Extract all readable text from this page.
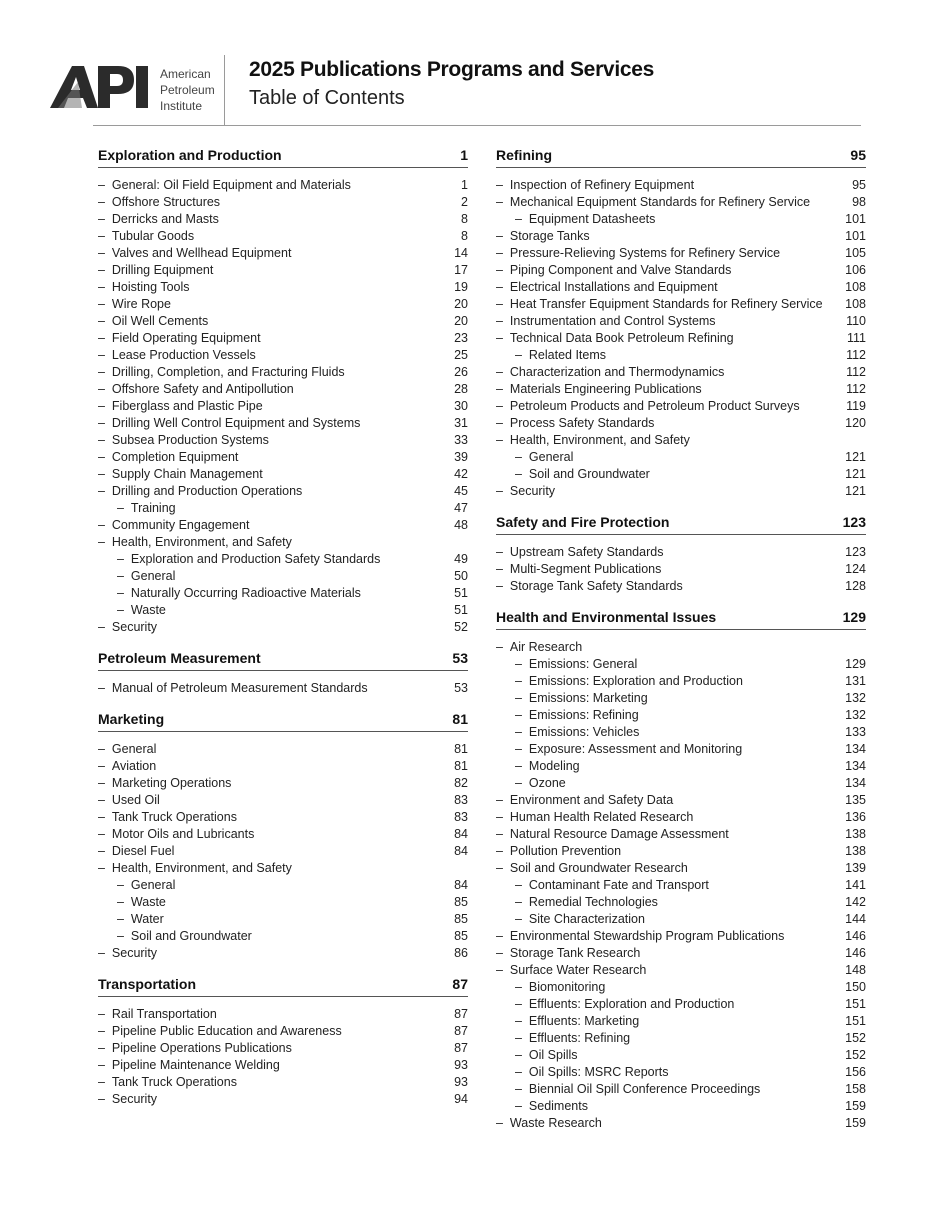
American
Petroleum
Institute
2025 Publications Programs and Services
Table of Contents
Exploration and Production	1
–  General: Oil Field Equipment and Materials	1
–  Offshore Structures	2
–  Derricks and Masts	8
–  Tubular Goods	8
–  Valves and Wellhead Equipment	14
–  Drilling Equipment	17
–  Hoisting Tools	19
–  Wire Rope	20
–  Oil Well Cements	20
–  Field Operating Equipment	23
–  Lease Production Vessels	25
–  Drilling, Completion, and Fracturing Fluids	26
–  Offshore Safety and Antipollution	28
–  Fiberglass and Plastic Pipe	30
–  Drilling Well Control Equipment and Systems	31
–  Subsea Production Systems	33
–  Completion Equipment	39
–  Supply Chain Management	42
–  Drilling and Production Operations	45
–  Training	47
–  Community Engagement	48
–  Health, Environment, and Safety
–  Exploration and Production Safety Standards	49
–  General	50
–  Naturally Occurring Radioactive Materials	51
–  Waste	51
–  Security	52
Petroleum Measurement	53
–  Manual of Petroleum Measurement Standards	53
Marketing	81
–  General	81
–  Aviation	81
–  Marketing Operations	82
–  Used Oil	83
–  Tank Truck Operations	83
–  Motor Oils and Lubricants	84
–  Diesel Fuel	84
–  Health, Environment, and Safety
–  General	84
–  Waste	85
–  Water	85
–  Soil and Groundwater	85
–  Security	86
Transportation	87
–  Rail Transportation	87
–  Pipeline Public Education and Awareness	87
–  Pipeline Operations Publications	87
–  Pipeline Maintenance Welding	93
–  Tank Truck Operations	93
–  Security	94
Refining	95
–  Inspection of Refinery Equipment	95
–  Mechanical Equipment Standards for Refinery Service	98
–  Equipment Datasheets	101
–  Storage Tanks	101
–  Pressure-Relieving Systems for Refinery Service	105
–  Piping Component and Valve Standards	106
–  Electrical Installations and Equipment	108
–  Heat Transfer Equipment Standards for Refinery Service 108
–  Instrumentation and Control Systems	110
–  Technical Data Book Petroleum Refining	111
–  Related Items	112
–  Characterization and Thermodynamics	112
–  Materials Engineering Publications	112
–  Petroleum Products and Petroleum Product Surveys	119
–  Process Safety Standards	120
–  Health, Environment, and Safety
–  General	121
–  Soil and Groundwater	121
–  Security	121
Safety and Fire Protection	123
–  Upstream Safety Standards	123
–  Multi-Segment Publications	124
–  Storage Tank Safety Standards	128
Health and Environmental Issues	129
–  Air Research
–  Emissions: General	129
–  Emissions: Exploration and Production	131
–  Emissions: Marketing	132
–  Emissions: Refining	132
–  Emissions: Vehicles	133
–  Exposure: Assessment and Monitoring	134
–  Modeling	134
–  Ozone	134
–  Environment and Safety Data	135
–  Human Health Related Research	136
–  Natural Resource Damage Assessment	138
–  Pollution Prevention	138
–  Soil and Groundwater Research	139
–  Contaminant Fate and Transport	141
–  Remedial Technologies	142
–  Site Characterization	144
–  Environmental Stewardship Program Publications	146
–  Storage Tank Research	146
–  Surface Water Research	148
–  Biomonitoring	150
–  Effluents: Exploration and Production	151
–  Effluents: Marketing	151
–  Effluents: Refining	152
–  Oil Spills	152
–  Oil Spills: MSRC Reports	156
–  Biennial Oil Spill Conference Proceedings	158
–  Sediments	159
–  Waste Research	159
